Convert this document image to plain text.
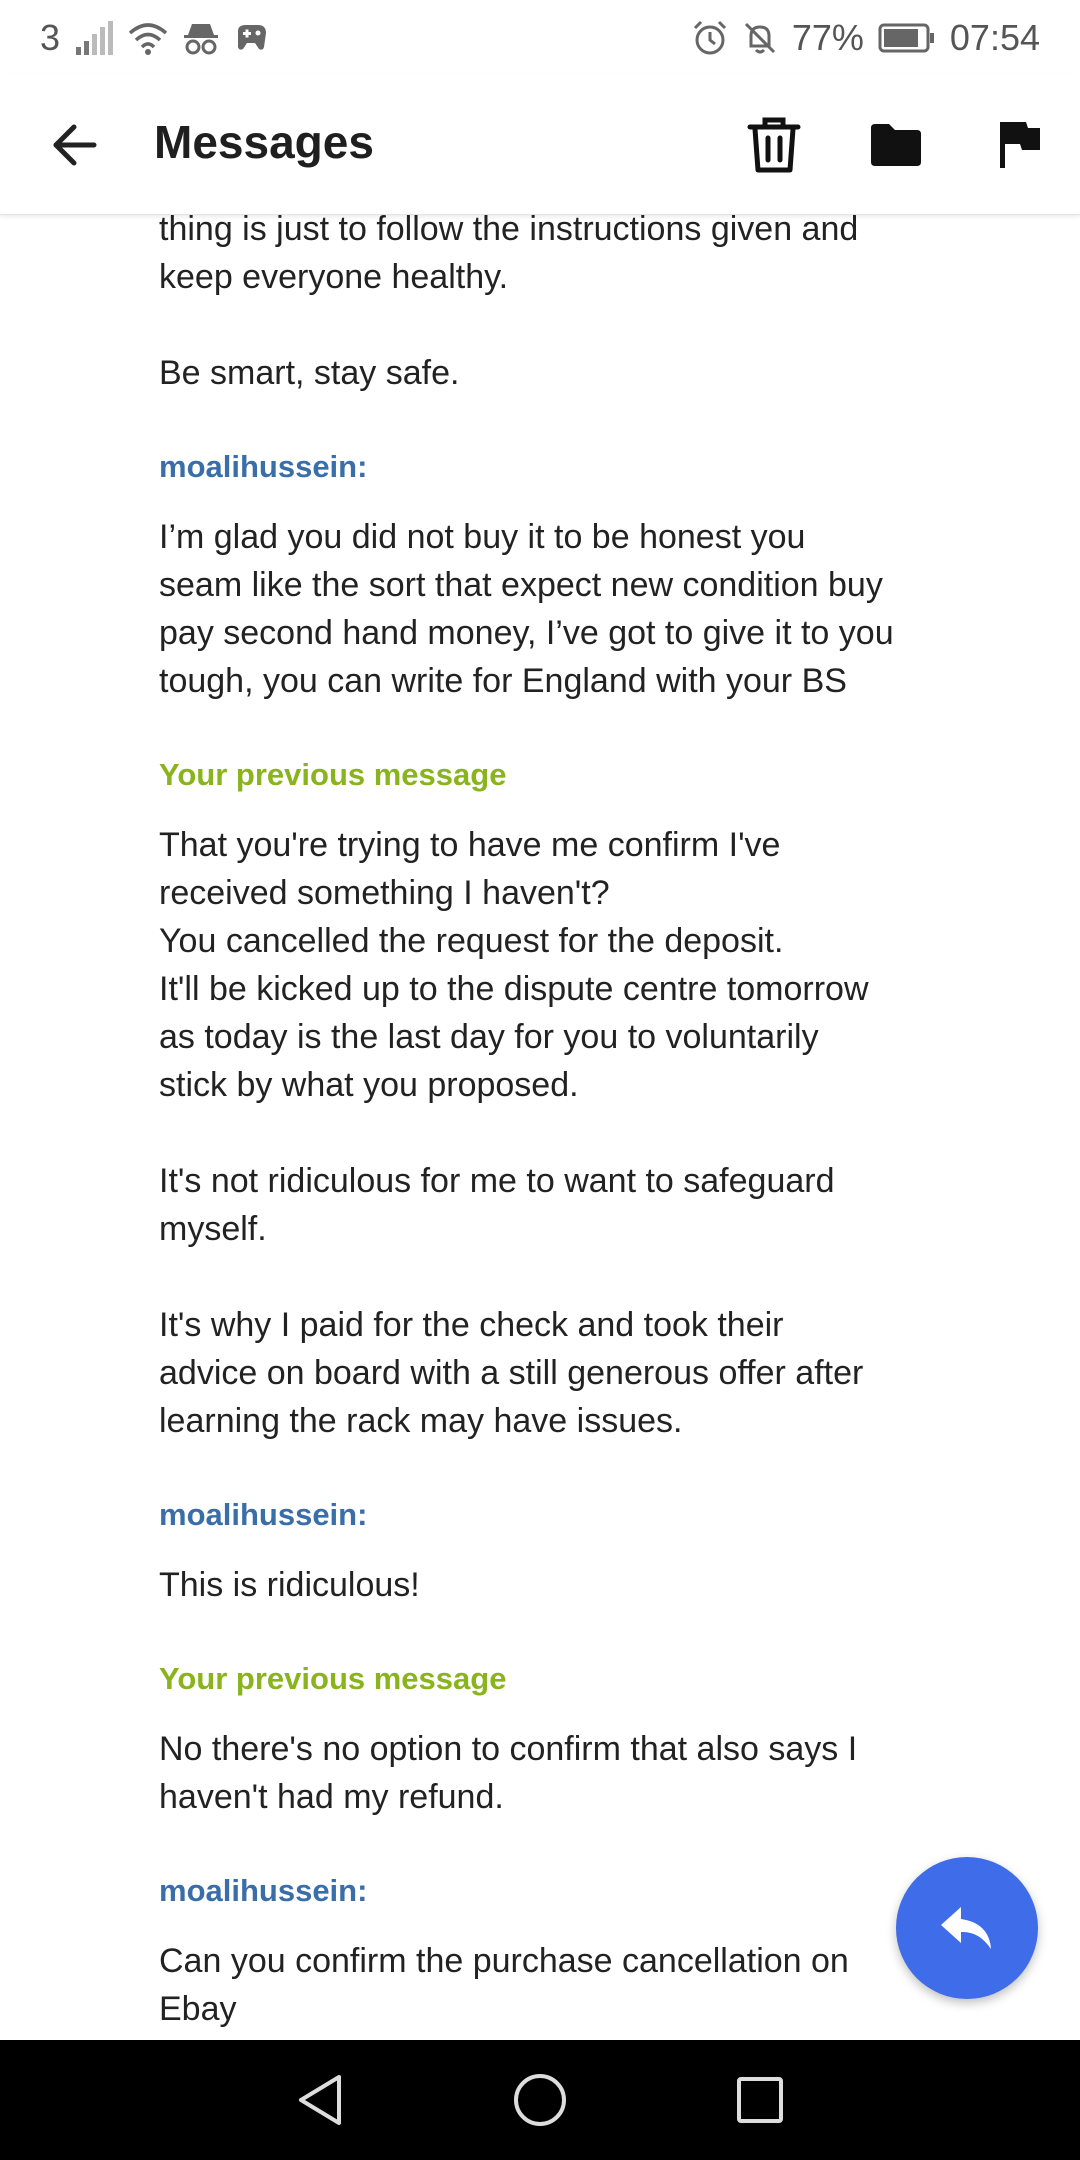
3	77% 07:54
Messages

thing is just to follow the instructions given and

keep everyone healthy.

Be smart, stay safe.

moalihussein:

I’m glad you did not buy it to be honest you

seam like the sort that expect new condition buy

pay second hand money, I’ve got to give it to you

tough, you can write for England with your BS

Your previous message

That you're trying to have me confirm I've

received something I haven't?

You cancelled the request for the deposit.

It'll be kicked up to the dispute centre tomorrow

as today is the last day for you to voluntarily

stick by what you proposed.

It's not ridiculous for me to want to safeguard

myself.

It's why I paid for the check and took their

advice on board with a still generous offer after

learning the rack may have issues.

moalihussein:

This is ridiculous!

Your previous message

No there's no option to confirm that also says I

haven't had my refund.

moalihussein:

Can you confirm the purchase cancellation on

Ebay
